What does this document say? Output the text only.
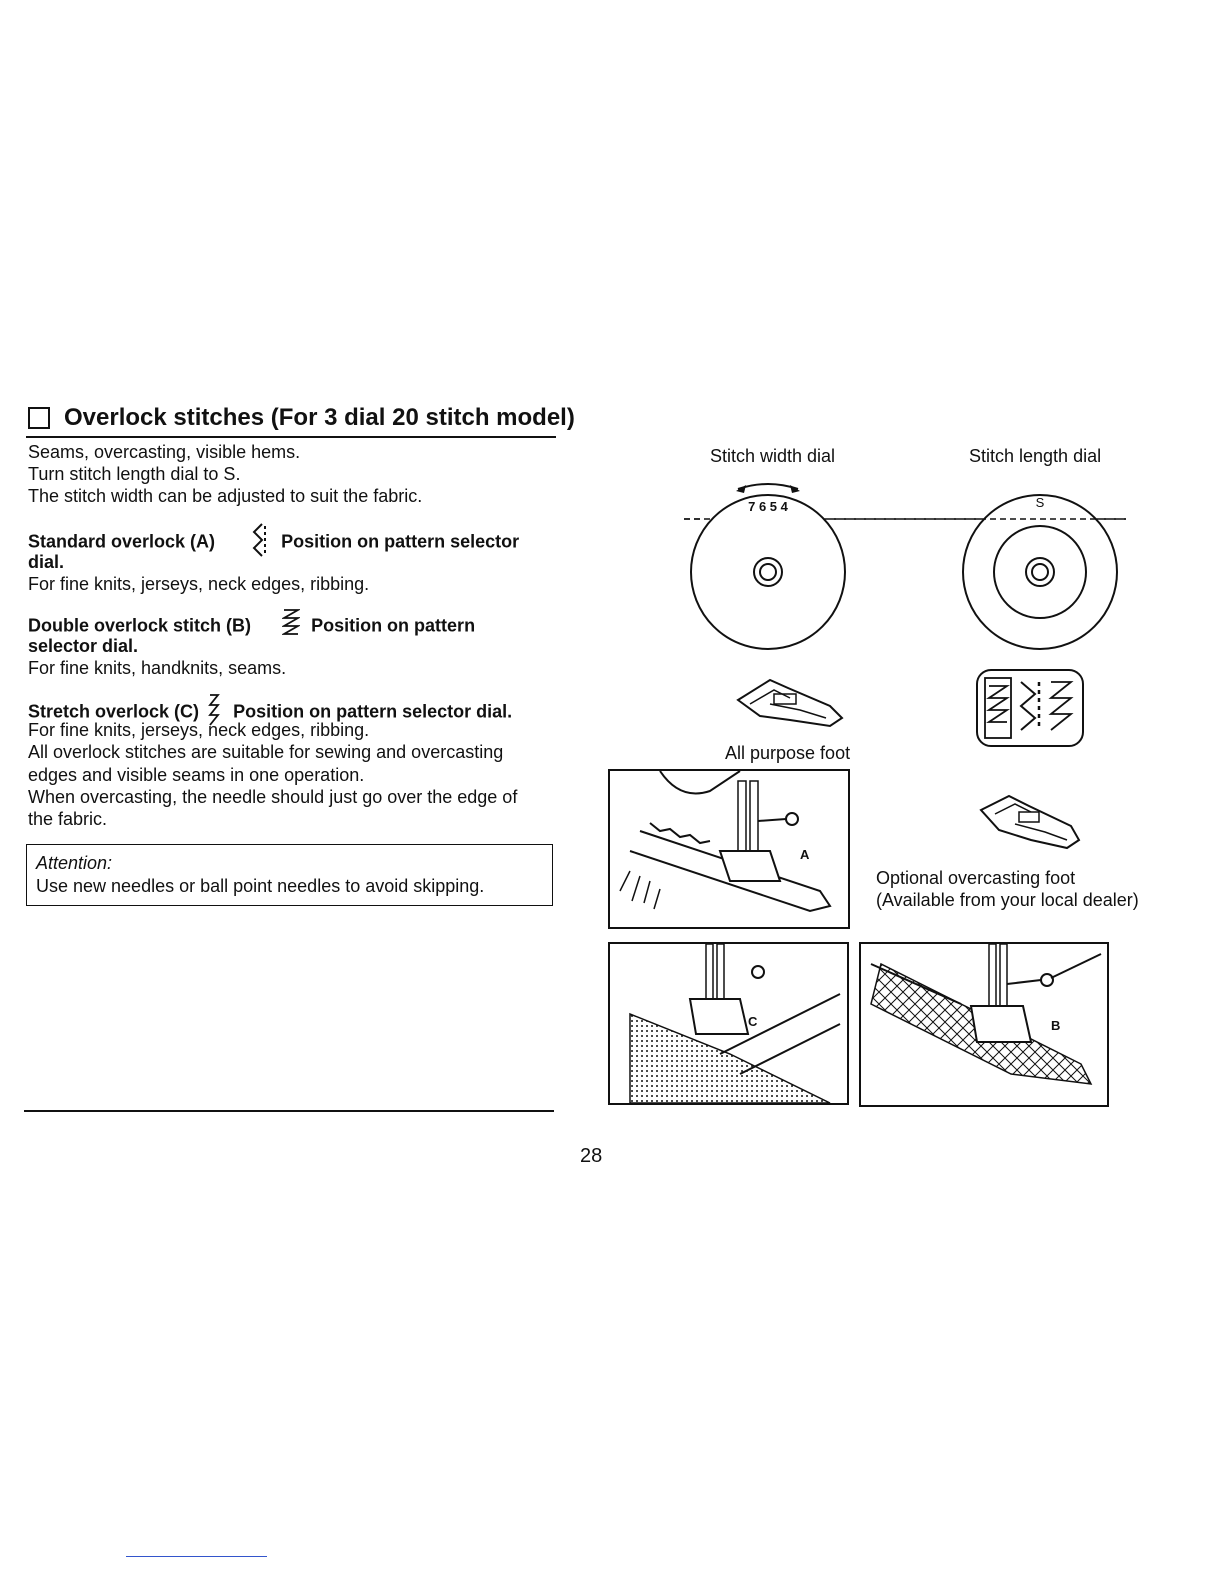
Overlock stitches (For 3 dial 20 stitch model)
Seams, overcasting, visible hems.
Turn stitch length dial to S.
The stitch width can be adjusted to suit the fabric.
Standard overlock (A)	Position on pattern selector
dial.
For fine knits, jerseys, neck edges, ribbing.
Double overlock stitch (B)	Position on pattern
selector dial.
For fine knits, handknits, seams.
Stretch overlock (C) Position on pattern selector dial.
For fine knits, jerseys, neck edges, ribbing.
All overlock stitches are suitable for sewing and overcasting
edges and visible seams in one operation.
When overcasting, the needle should just go over the edge of
the fabric.
Attention:
Use new needles or ball point needles to avoid skipping.
Stitch width dial	Stitch length dial
7 6 5 4	S
All purpose foot
Optional overcasting foot
(Available from your local dealer)
A
C	B
28
